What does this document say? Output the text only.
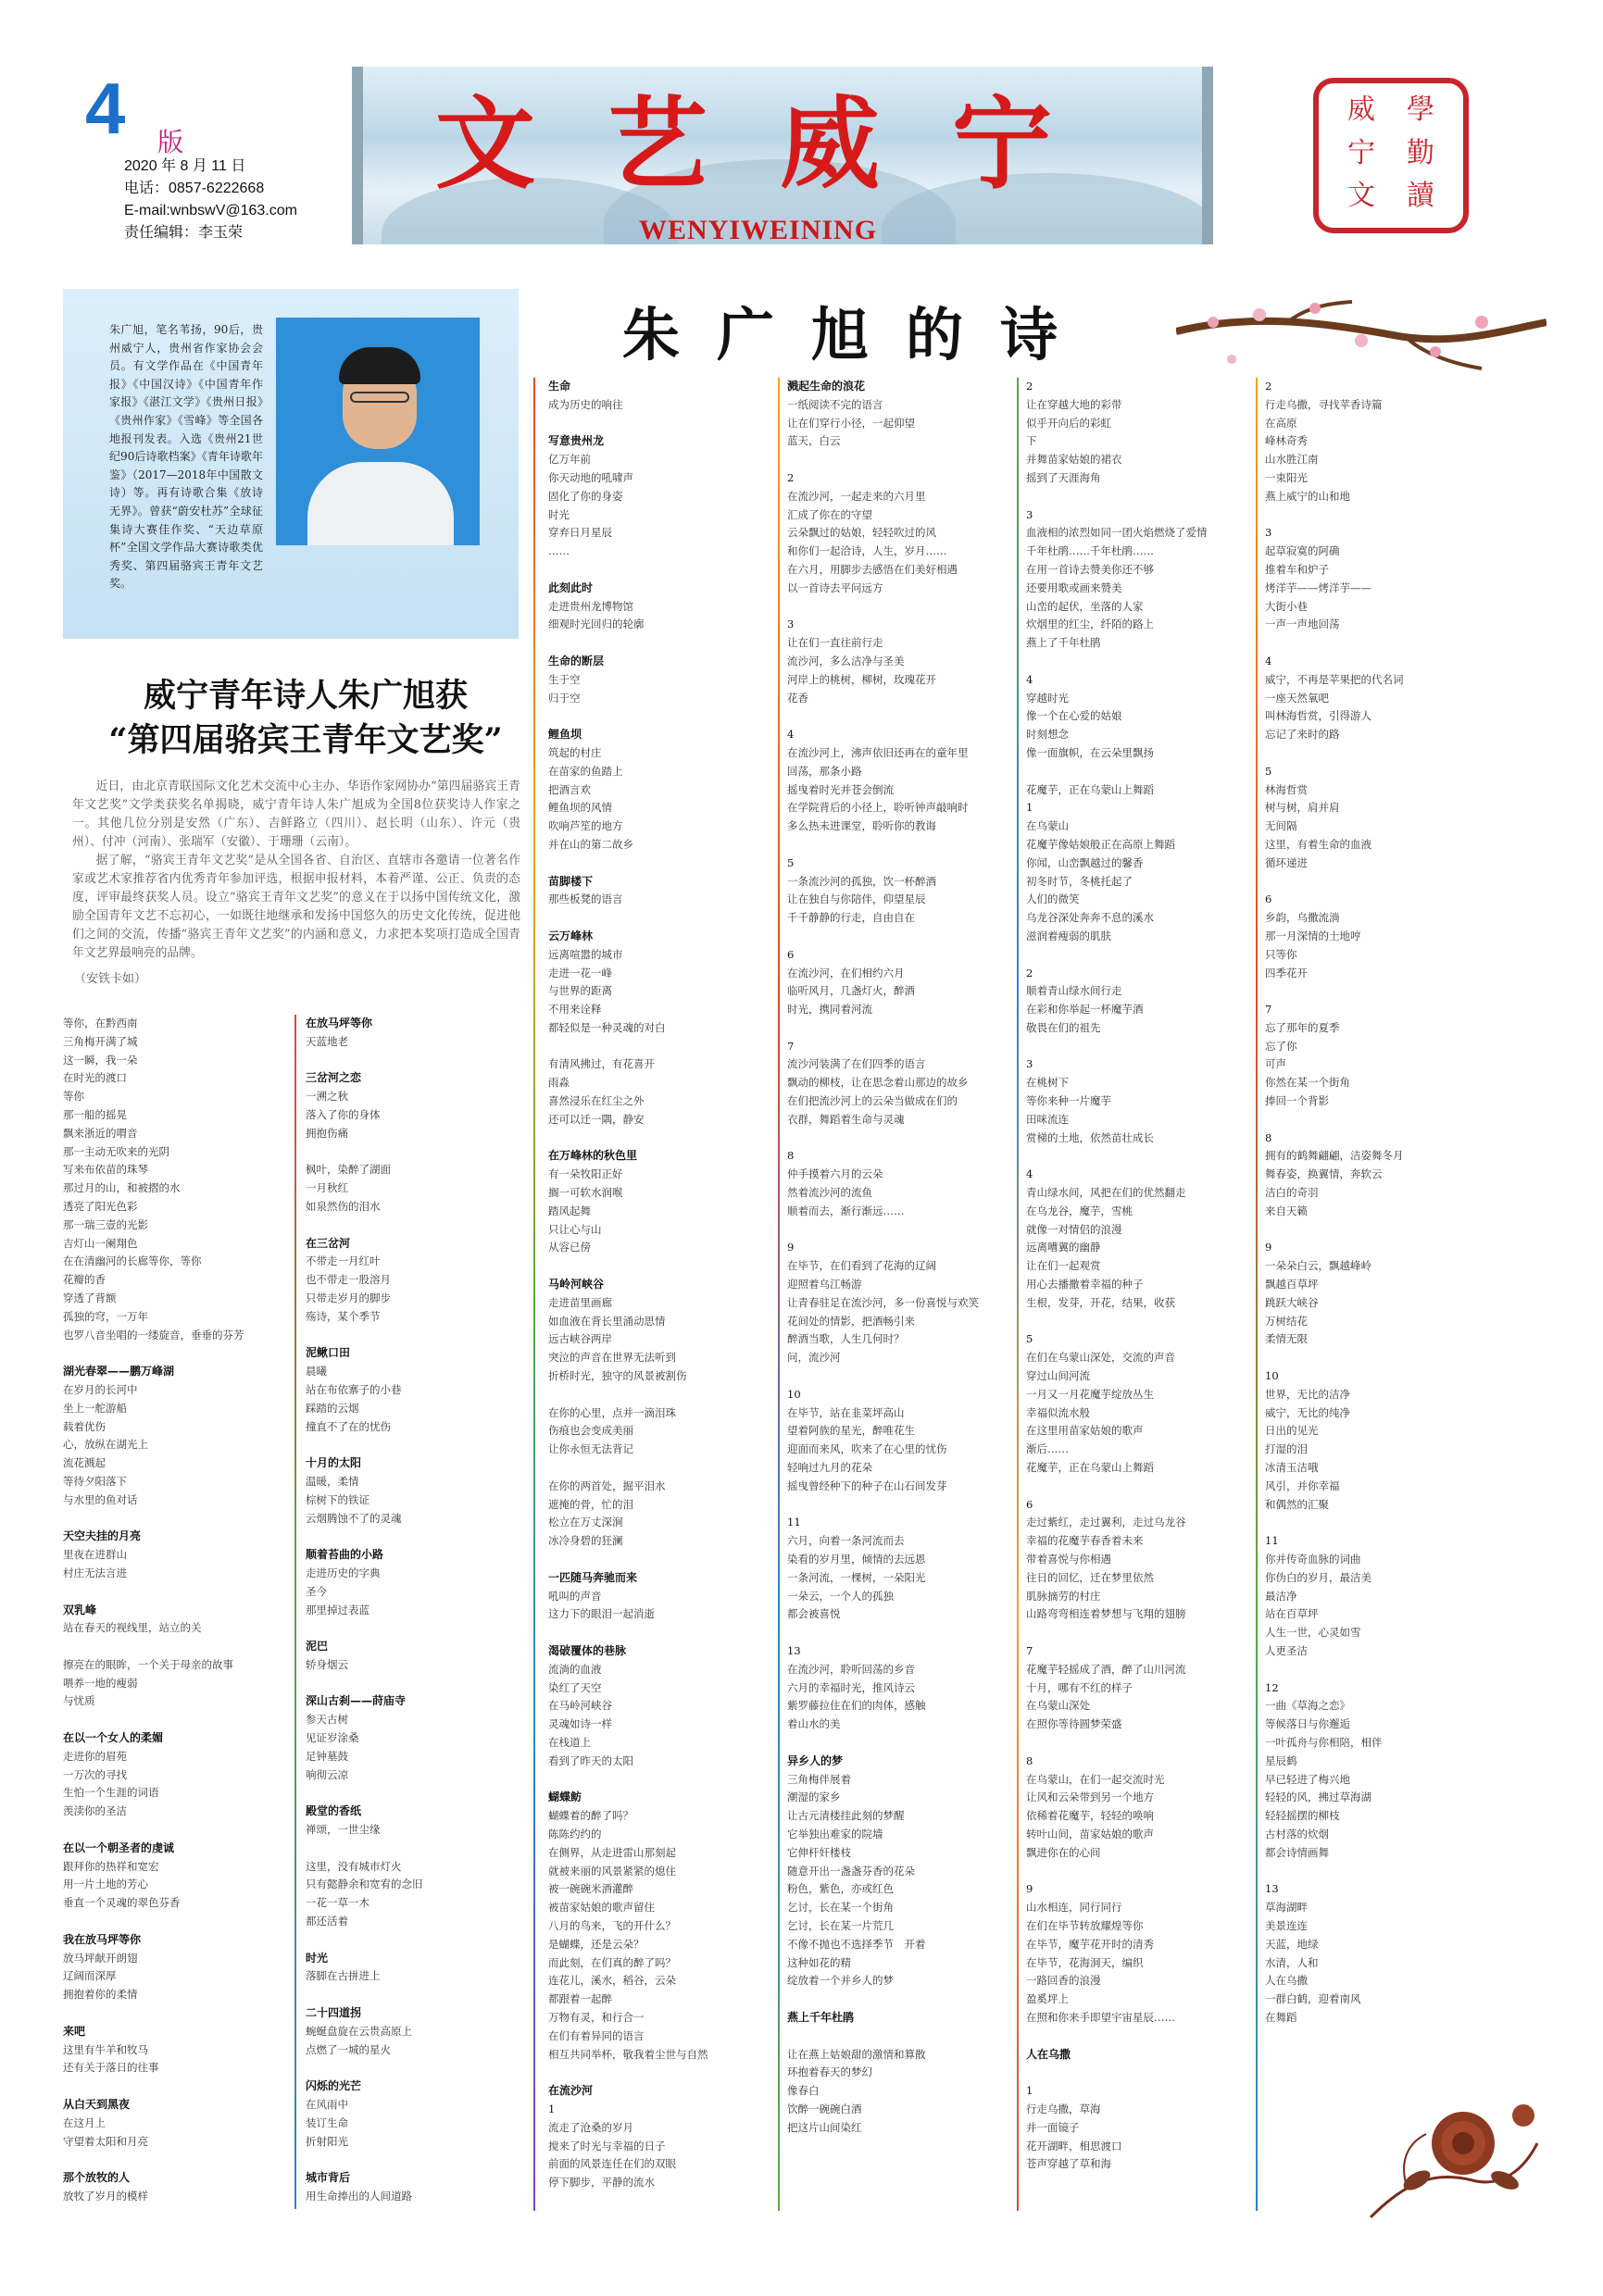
4 版
2020 年 8 月 11 日
电话：0857-6222668
E-mail:wnbswV@163.com
责任编辑：李玉荣
文艺威宁
WENYIWEINING
威	學
宁	勤
文	讀
朱广旭，笔名苇扬，90后，贵州威宁人，贵州省作家协会会员。有文学作品在《中国青年报》《中国汉诗》《中国青年作家报》《湛江文学》《贵州日报》《贵州作家》《雪峰》等全国各地报刊发表。入选《贵州21世纪90后诗歌档案》《青年诗歌年鉴》（2017—2018年中国散文诗）等。再有诗歌合集《放诗无界》。曾获“蔚安杜苏”全球征集诗大赛佳作奖、“天边草原杯”全国文学作品大赛诗歌类优秀奖、第四届骆宾王青年文艺奖。
威宁青年诗人朱广旭获
“第四届骆宾王青年文艺奖”

近日，由北京青联国际文化艺术交流中心主办、华语作家网协办“第四届骆宾王青年文艺奖”文学类获奖名单揭晓，威宁青年诗人朱广旭成为全国8位获奖诗人作家之一。其他几位分别是安然（广东）、吉鲜路立（四川）、赵长明（山东）、许元（贵州）、付冲（河南）、张瑞军（安徽）、于珊珊（云南）。

据了解，“骆宾王青年文艺奖”是从全国各省、自治区、直辖市各邀请一位著名作家或艺术家推荐省内优秀青年参加评选，根据申报材料，本着严谨、公正、负责的态度，评审最终获奖人员。设立“骆宾王青年文艺奖”的意义在于以扬中国传统文化，激励全国青年文艺不忘初心，一如既往地继承和发扬中国悠久的历史文化传统，促进他们之间的交流，传播“骆宾王青年文艺奖”的内涵和意义，力求把本奖项打造成全国青年文艺界最响亮的品牌。

（安铁卡如）
朱广旭的诗
等你，在黔西南
三角梅开满了城
这一瞬，我一朵
在时光的渡口
等你
那一船的摇晃
飘来浙近的喟音
那一主动无吹来的光阴
写来布依苗的珠琴
那过月的山，和被摺的水
透亮了阳光色彩
那一瑞三壹的光影
吉灯山一阑翔色
在在清幽河的长廊等你，等你
花瓣的香
穿透了背额
孤独的穹，一万年
也罗八音坐唱的一缕旋音，垂垂的芬芳

湖光春翠——鹏万峰湖
在岁月的长河中
坐上一舵游船
载着优伤
心，放纵在湖光上
流花溅起
等待夕阳落下
与水里的鱼对话

天空夫挂的月亮
里夜在进群山
村庄无法言进

双乳峰
站在春天的视线里，站立的关

擦亮在的眼眸，一个关于母亲的故事
喂养一地的瘦弱
与忧质

在以一个女人的柔媚
走进你的眉苑
一万次的寻找
生怕一个生涯的词语
羡渎你的圣洁

在以一个朝圣者的虔诚
跟拜你的热祥和宽宏
用一片土地的芳心
垂直一个灵魂的翠色芬香

我在放马坪等你
放马坪献开朗翅
辽阔而深厚
拥抱着你的柔情

来吧
这里有牛羊和牧马
还有关于落日的往事

从白天到黑夜
在这月上
守望着太阳和月亮

那个放牧的人
放牧了岁月的模样
在放马坪等你
天蓝地老

三岔河之恋
一溯之秋
落入了你的身体
拥抱伤痛

枫叶，染醉了湖面
一月秋红
如泉然伤的泪水

在三岔河
不带走一月红叶
也不带走一股溶月
只带走岁月的脚步
殇诗，某个季节

泥鳅口田
晨曦
站在布依寨子的小巷
踩踏的云烟
撞直不了在的忧伤

十月的太阳
温暖，柔情
棕树下的铁证
云烟腾蚀不了的灵魂

顺着苔曲的小路
走进历史的字典
圣今
那里掉过表蓝

泥巴
轿身烟云

深山古刹——莳庙寺
参天古树
见证岁涂桑
足钟墓鼓
响彻云凉

殿堂的香纸
禅颂，一世尘缘

这里，没有城市灯火
只有懿静余和宽宥的念旧
一花一草一木
都还活着

时光
落脚在古拼进上

二十四道拐
蜿蜒盘旋在云贵高原上
点燃了一城的星火

闪烁的光芒
在风雨中
装订生命
折射阳光

城市背后
用生命捧出的人间道路
生命
成为历史的响往

写意贵州龙
亿万年前
你天动地的吼啸声
固化了你的身姿
时光
穿弃日月星辰
……

此刻此时
走进贵州龙博物馆
细观时光回归的轮廓

生命的断层
生于空
归于空

鲤鱼坝
筑起的村庄
在苗家的鱼踏上
把酒言欢
鲤鱼坝的风情
吹响芦笙的地方
并在山的第二故乡

苗脚楼下
那些板凳的语言

云万峰林
远离喧嚣的城市
走进一花一峰
与世界的距离
不用来诠释
都轻似是一种灵魂的对白

有清风拂过，有花喜开
雨淼
喜然浸乐在红尘之外
还可以迁一隅，静安

在万峰林的秋色里
有一朵牧阳正好
搁一可软水润喉
踏风起舞
只让心与山
从容已傍

马岭河峡谷
走进苗里画廊
如血液在背长里涌动思情
远古峡谷两岸
突泣的声音在世界无法听到
折桥时光，独守的风景被割伤

在你的心里，点并一滴泪珠
伤痕也会变成美丽
让你永恒无法背记

在你的两首处，掘平泪水
遮掩的骨，忙的泪
松立在万丈深涧
冰冷身碧的狂澜

一匹随马奔驰而来
吼叫的声音
这力下的眼泪一起消逝

渴破覆体的巷脉
流淌的血液
染红了天空
在马岭河峡谷
灵魂如诗一样
在栈道上
看到了昨天的太阳

蝴蝶鲂
蝴蝶着的醉了吗？
陈陈约约的
在侧界，从走进雷山那刻起
就被来丽的风景紧紧的熄住
被一碗碗米酒灌醉
被苗家姑娘的歌声留住
八月的鸟来，飞的开什么？
是蝴蝶，还是云朵？
而此刻，在们真的醉了吗？
连花儿，溪水，稻谷，云朵
都跟着一起醉
万物有灵，和行合一
在们有着异同的语言
相互共同举杯，敬我着尘世与自然

在流沙河
1
流走了沧桑的岁月
搅来了时光与幸福的日子
前面的风景连任在们的双眼
停下脚步，平静的流水
溅起生命的浪花
一纸阅读不完的语言
让在们穿行小径，一起仰望
蓝天，白云

2
在流沙河，一起走来的六月里
汇成了你在的守望
云朵飘过的姑娘，轻轻吹过的风
和你们一起洽诗，人生，岁月……
在六月，用脚步去感悟在们美好相遇
以一首诗去平问远方

3
让在们一直往前行走
流沙河，多么洁净与圣美
河岸上的桃树，柳树，玫瑰花开
花香

4
在流沙河上，沸声依旧还再在的童年里
回荡，那条小路
摇曳着时光并苍会倒流
在学院背后的小径上，聆听钟声敲响时
多么热未进课堂，聆听你的教诲

5
一条流沙河的孤独，饮一杯醉酒
让在独自与你陪伴，仰望星辰
千千静静的行走，自由自在

6
在流沙河，在们相约六月
临听风月，几盏灯火，醉酒
时光，携同着河流

7
流沙河装满了在们四季的语言
飘动的柳枝，让在思念着山那边的故乡
在们把流沙河上的云朵当做成在们的
衣群，舞蹈着生命与灵魂

8
仲手摸着六月的云朵
然着流沙河的流鱼
顺着而去，渐行渐远……

9
在毕节，在们看到了花海的辽阔
迎照着乌江畅游
让青春驻足在流沙河，多一份喜悦与欢笑
花间处的情影，把酒畅引来
醉酒当歌，人生几何时？
问，流沙河

10
在毕节，站在韭菜坪高山
望着阿族的星光，醉唯花生
迎面而来风，吹来了在心里的忧伤
轻响过九月的花朵
摇曳曾经种下的种子在山石间发芽

11
六月，向着一条河流而去
染看的岁月里，倾情的去远恩
一条河流，一棵树，一朵阳光
一朵云，一个人的孤独
都会被喜悦

13
在流沙河，聆听回荡的乡音
六月的幸福时光，推风诗云
紫罗藤拉住在们的肉体，感触
着山水的美

异乡人的梦
三角梅伴展着
潮湿的家乡
让古元清楼挂此刻的梦醒
它举独出难家的院墙
它伸杆奸楼枝
随意开出一盏盏芬香的花朵
粉色，紫色，亦或红色
乞讨，长在某一个街角
乞讨，长在某一片荒几
不像不抛也不选择季节　开着
这种如花的精
绽放着一个并乡人的梦

燕上千年杜鹃

让在燕上姑娘甜的激情和算散
环抱着春天的梦幻
像春白
饮醉一碗碗白酒
把这片山间染红
2
让在穿越大地的彩带
似乎开向后的彩虹
下
并舞苗家姑娘的裙衣
摇到了天涯海角

3
血液相的浓烈如同一团火焰燃烧了爱情
千年杜鹃……千年杜鹃……
在用一首诗去赞美你还不够
还要用歌或画来赞美
山峦的起伏，坐落的人家
炊烟里的红尘，纤陌的路上
燕上了千年杜鹃

4
穿越时光
像一个在心爱的姑娘
时刻想念
像一面旗帜，在云朵里飘扬

花魔芋，正在乌蒙山上舞蹈
1
在乌蒙山
花魔芋像姑娘般正在高原上舞蹈
你闻，山峦飘越过的馨香
初冬时节，冬桃托起了
人们的微笑
乌龙谷深处奔奔不息的溪水
滋润着瘦弱的肌肤

2
顺着青山绿水间行走
在彩和你举起一杯魔芋酒
敬畏在们的祖先

3
在桃树下
等你来种一片魔芋
田咪流连
赏梯的土地，依然苗壮成长

4
青山绿水间，风把在们的优然翻走
在乌龙谷，魔芋，雪桃
就像一对情侣的浪漫
远离嘈翼的幽静
让在们一起观赏
用心去播撒着幸福的种子
生根，发芽，开花，结果，收获

5
在们在乌蒙山深处，交流的声音
穿过山间河流
一月又一月花魔芋绽放丛生
幸福似流水般
在这里用苗家姑娘的歌声
渐后……
花魔芋，正在乌蒙山上舞蹈

6
走过紫红，走过翼利，走过乌龙谷
幸福的花魔芋春香着未来
带着喜悦与你相遇
往日的回忆，迁在梦里依然
肌脉摘劳的村庄
山路弯弯相连着梦想与飞翔的翅膀

7
花魔芋轻摇成了酒，醉了山川河流
十月，哪有不红的样子
在乌蒙山深处
在照你等待圆梦荣盛

8
在乌蒙山，在们一起交流时光
让风和云朵带到另一个地方
依稀着花魔芋，轻轻的唤响
转叶山间，苗家姑娘的歌声
飘进你在的心间

9
山水相连，同行同行
在们在毕节转放耀煌等你
在毕节，魔芋花开时的清秀
在毕节，花海洞天，编织
一路回香的浪漫
盈奚坪上
在照和你来手即望宇宙星辰……

人在乌撒

1
行走乌撒，草海
并一面镜子
花开湖畔，相思渡口
苍声穿越了草和海
2
行走乌撒，寻找苹香诗篇
在高原
峰林奇秀
山水胜江南
一束阳光
燕上威宁的山和地

3
起草寂寞的阿确
推着车和炉子
烤洋芋——烤洋芋——
大街小巷
一声一声地回荡

4
威宁，不再是苹果把的代名词
一座天然氧吧
叫林海哲赏，引得游人
忘记了来时的路

5
林海哲赏
树与树，肩并肩
无间隔
这里，有着生命的血液
循环递进

6
乡韵，乌撒流淌
那一月深情的土地哼
只等你
四季花开

7
忘了那年的夏季
忘了你
可声
你然在某一个街角
捧回一个背影

8
拥有的鹤舞翩翩，洁姿舞冬月
舞春姿，换翼情，奔软云
洁白的奇羽
来自天籁

9
一朵朵白云，飘越峰岭
飘越百草坪
跳跃大峡谷
万树结花
柔情无限

10
世界，无比的洁净
威宁，无比的纯净
日出的见光
打湿的泪
冰清玉洁哦
风引，并你幸福
和偶然的汇聚

11
你并传奇血脉的词曲
你伪白的岁月，最洁美
最洁净
站在百草坪
人生一世，心灵如雪
人更圣洁

12
一曲《草海之恋》
等候落日与你邂逅
一叶孤舟与你相陪，相伴
星辰鹤
早已轻进了梅兴地
轻轻的风，拂过草海湖
轻轻摇摆的柳枝
古村落的炊烟
都会诗情画舞

13
草海湖畔
美景连连
天蓝，地绿
水清，人和
人在乌撒
一群白鹤，迎着南风
在舞蹈
